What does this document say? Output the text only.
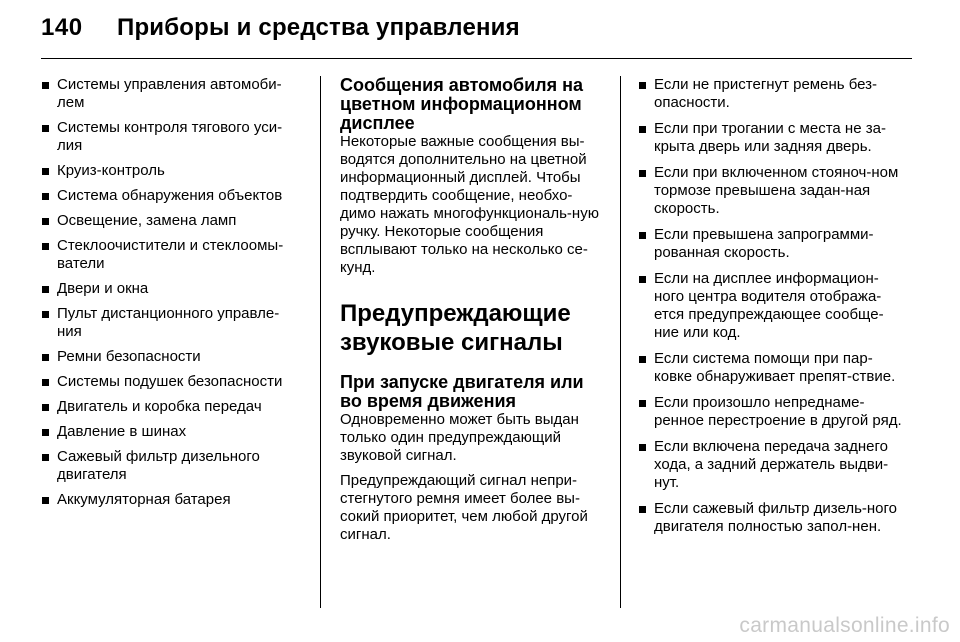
140 Приборы и средства управления
Системы управления автомоби-лем
Системы контроля тягового уси-лия
Круиз-контроль
Система обнаружения объектов
Освещение, замена ламп
Стеклоочистители и стеклоомы-ватели
Двери и окна
Пульт дистанционного управле-ния
Ремни безопасности
Системы подушек безопасности
Двигатель и коробка передач
Давление в шинах
Сажевый фильтр дизельного двигателя
Аккумуляторная батарея
Сообщения автомобиля на цветном информационном дисплее

Некоторые важные сообщения вы-водятся дополнительно на цветной информационный дисплей. Чтобы подтвердить сообщение, необхо-димо нажать многофункциональ-ную ручку. Некоторые сообщения всплывают только на несколько се-кунд.

Предупреждающие звуковые сигналы
При запуске двигателя или во время движения

Одновременно может быть выдан только один предупреждающий звуковой сигнал.

Предупреждающий сигнал непри-стегнутого ремня имеет более вы-сокий приоритет, чем любой другой сигнал.

Если не пристегнут ремень без-опасности.
Если при трогании с места не за-крыта дверь или задняя дверь.
Если при включенном стояноч-ном тормозе превышена задан-ная скорость.
Если превышена запрограмми-рованная скорость.
Если на дисплее информацион-ного центра водителя отобража-ется предупреждающее сообще-ние или код.
Если система помощи при пар-ковке обнаруживает препят-ствие.
Если произошло непреднаме-ренное перестроение в другой ряд.
Если включена передача заднего хода, а задний держатель выдви-нут.
Если сажевый фильтр дизель-ного двигателя полностью запол-нен.
carmanualsonline.info
